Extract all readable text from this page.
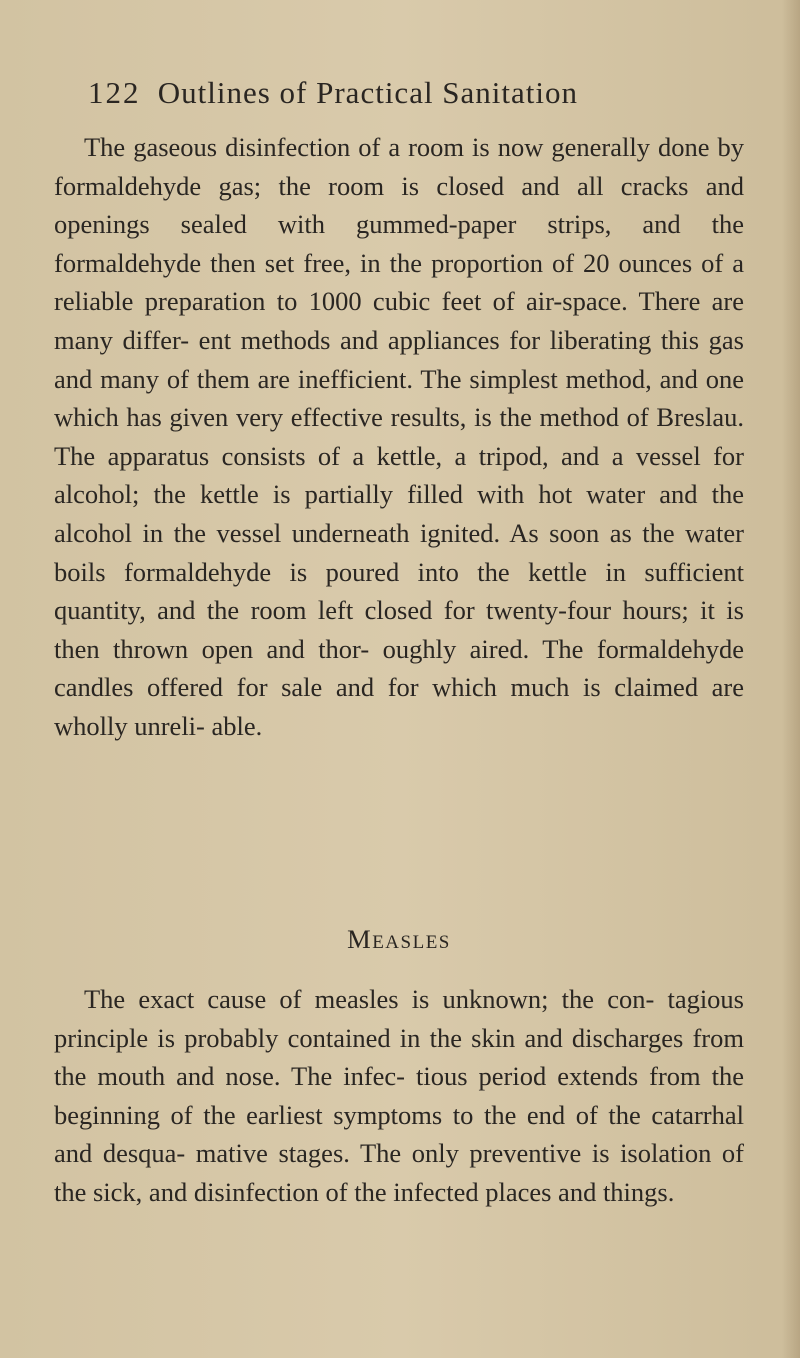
122 Outlines of Practical Sanitation

The gaseous disinfection of a room is now generally done by formaldehyde gas; the room is closed and all cracks and openings sealed with gummed-paper strips, and the formaldehyde then set free, in the proportion of 20 ounces of a reliable preparation to 1000 cubic feet of air-space. There are many differ- ent methods and appliances for liberating this gas and many of them are inefficient. The simplest method, and one which has given very effective results, is the method of Breslau. The apparatus consists of a kettle, a tripod, and a vessel for alcohol; the kettle is partially filled with hot water and the alcohol in the vessel underneath ignited. As soon as the water boils formaldehyde is poured into the kettle in sufficient quantity, and the room left closed for twenty-four hours; it is then thrown open and thor- oughly aired. The formaldehyde candles offered for sale and for which much is claimed are wholly unreli- able.

Measles

The exact cause of measles is unknown; the con- tagious principle is probably contained in the skin and discharges from the mouth and nose. The infec- tious period extends from the beginning of the earliest symptoms to the end of the catarrhal and desqua- mative stages. The only preventive is isolation of the sick, and disinfection of the infected places and things.
